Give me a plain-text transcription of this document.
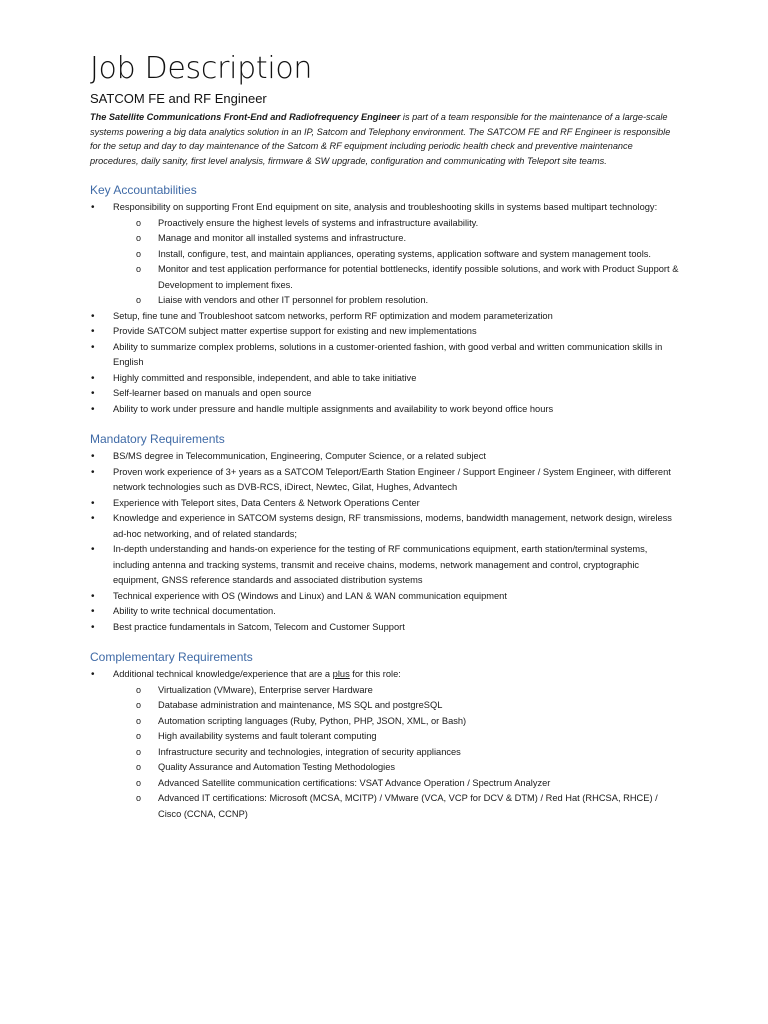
Job Description
SATCOM FE and RF Engineer

The Satellite Communications Front-End and Radiofrequency Engineer is part of a team responsible for the maintenance of a large-scale systems powering a big data analytics solution in an IP, Satcom and Telephony environment. The SATCOM FE and RF Engineer is responsible for the setup and day to day maintenance of the Satcom & RF equipment including periodic health check and preventive maintenance procedures, daily sanity, first level analysis, firmware & SW upgrade, configuration and communicating with Teleport site teams.

Key Accountabilities
• Responsibility on supporting Front End equipment on site, analysis and troubleshooting skills in systems based multipart technology:
o Proactively ensure the highest levels of systems and infrastructure availability.
o Manage and monitor all installed systems and infrastructure.
o Install, configure, test, and maintain appliances, operating systems, application software and system management tools.
o Monitor and test application performance for potential bottlenecks, identify possible solutions, and work with Product Support & Development to implement fixes.
o Liaise with vendors and other IT personnel for problem resolution.
• Setup, fine tune and Troubleshoot satcom networks, perform RF optimization and modem parameterization
• Provide SATCOM subject matter expertise support for existing and new implementations
• Ability to summarize complex problems, solutions in a customer-oriented fashion, with good verbal and written communication skills in English
• Highly committed and responsible, independent, and able to take initiative
• Self-learner based on manuals and open source
• Ability to work under pressure and handle multiple assignments and availability to work beyond office hours
Mandatory Requirements
• BS/MS degree in Telecommunication, Engineering, Computer Science, or a related subject
• Proven work experience of 3+ years as a SATCOM Teleport/Earth Station Engineer / Support Engineer / System Engineer, with different network technologies such as DVB-RCS, iDirect, Newtec, Gilat, Hughes, Advantech
• Experience with Teleport sites, Data Centers & Network Operations Center
• Knowledge and experience in SATCOM systems design, RF transmissions, modems, bandwidth management, network design, wireless ad-hoc networking, and of related standards;
• In-depth understanding and hands-on experience for the testing of RF communications equipment, earth station/terminal systems, including antenna and tracking systems, transmit and receive chains, modems, network management and control, cryptographic equipment, GNSS reference standards and associated distribution systems
• Technical experience with OS (Windows and Linux) and LAN & WAN communication equipment
• Ability to write technical documentation.
• Best practice fundamentals in Satcom, Telecom and Customer Support
Complementary Requirements
• Additional technical knowledge/experience that are a plus for this role:
o Virtualization (VMware), Enterprise server Hardware
o Database administration and maintenance, MS SQL and postgreSQL
o Automation scripting languages (Ruby, Python, PHP, JSON, XML, or Bash)
o High availability systems and fault tolerant computing
o Infrastructure security and technologies, integration of security appliances
o Quality Assurance and Automation Testing Methodologies
o Advanced Satellite communication certifications: VSAT Advance Operation / Spectrum Analyzer
o Advanced IT certifications: Microsoft (MCSA, MCITP) / VMware (VCA, VCP for DCV & DTM) / Red Hat (RHCSA, RHCE) / Cisco (CCNA, CCNP)
